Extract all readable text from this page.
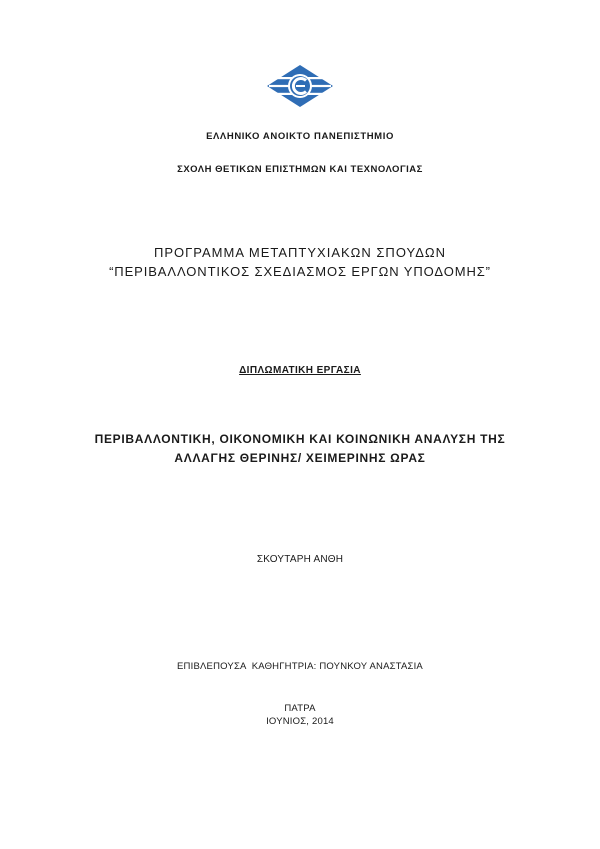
ΕΛΛΗΝΙΚΟ ΑΝΟΙΚΤΟ ΠΑΝΕΠΙΣΤΗΜΙΟ
ΣΧΟΛΗ ΘΕΤΙΚΩΝ ΕΠΙΣΤΗΜΩΝ ΚΑΙ ΤΕΧΝΟΛΟΓΙΑΣ
ΠΡΟΓΡΑΜΜΑ ΜΕΤΑΠΤΥΧΙΑΚΩΝ ΣΠΟΥΔΩΝ
“ΠΕΡΙΒΑΛΛΟΝΤΙΚΟΣ ΣΧΕΔΙΑΣΜΟΣ ΕΡΓΩΝ ΥΠΟΔΟΜΗΣ”
ΔΙΠΛΩΜΑΤΙΚΗ ΕΡΓΑΣΙΑ
ΠΕΡΙΒΑΛΛΟΝΤΙΚΗ, ΟΙΚΟΝΟΜΙΚΗ ΚΑΙ ΚΟΙΝΩΝΙΚΗ ΑΝΑΛΥΣΗ ΤΗΣ
ΑΛΛΑΓΗΣ ΘΕΡΙΝΗΣ/ ΧΕΙΜΕΡΙΝΗΣ ΩΡΑΣ
ΣΚΟΥΤΑΡΗ ΑΝΘΗ
ΕΠΙΒΛΕΠΟΥΣΑ  ΚΑΘΗΓΗΤΡΙΑ: ΠΟΥΝΚΟΥ ΑΝΑΣΤΑΣΙΑ
ΠΑΤΡΑ
ΙΟΥΝΙΟΣ, 2014
